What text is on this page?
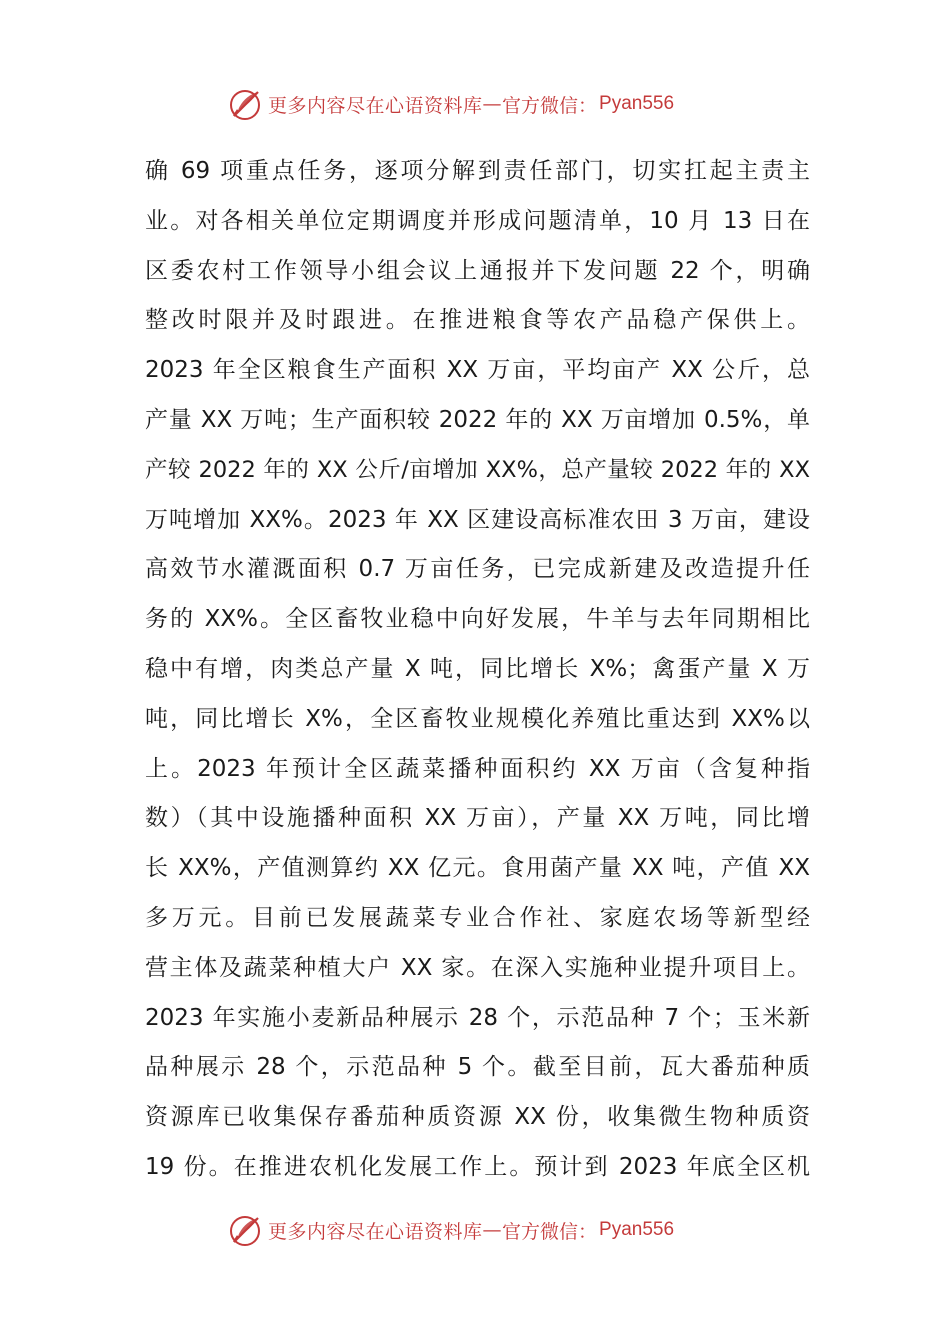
更多内容尽在心语资料库 — 官方微信： Pyan556
确 69 项重点任务，逐项分解到责任部门，切实扛起主责主
业。对各相关单位定期调度并形成问题清单，10 月 13 日在
区委农村工作领导小组会议上通报并下发问题 22 个，明确
整改时限并及时跟进。在推进粮食等农产品稳产保供上。
2023 年全区粮食生产面积 XX 万亩，平均亩产 XX 公斤，总
产量 XX 万吨；生产面积较 2022 年的 XX 万亩增加 0.5%，单
产较 2022 年的 XX 公斤/亩增加 XX%，总产量较 2022 年的 XX
万吨增加 XX%。2023 年 XX 区建设高标准农田 3 万亩，建设
高效节水灌溉面积 0.7 万亩任务，已完成新建及改造提升任
务的 XX%。全区畜牧业稳中向好发展，牛羊与去年同期相比
稳中有增，肉类总产量 X 吨，同比增长 X%；禽蛋产量 X 万
吨，同比增长 X%，全区畜牧业规模化养殖比重达到 XX%以
上。2023 年预计全区蔬菜播种面积约 XX 万亩（含复种指
数）（其中设施播种面积 XX 万亩），产量 XX 万吨，同比增
长 XX%，产值测算约 XX 亿元。食用菌产量 XX 吨，产值 XX
多万元。目前已发展蔬菜专业合作社、家庭农场等新型经
营主体及蔬菜种植大户 XX 家。在深入实施种业提升项目上。
2023 年实施小麦新品种展示 28 个，示范品种 7 个；玉米新
品种展示 28 个，示范品种 5 个。截至目前，瓦大番茄种质
资源库已收集保存番茄种质资源 XX 份，收集微生物种质资
19 份。在推进农机化发展工作上。预计到 2023 年底全区机
更多内容尽在心语资料库 — 官方微信： Pyan556
